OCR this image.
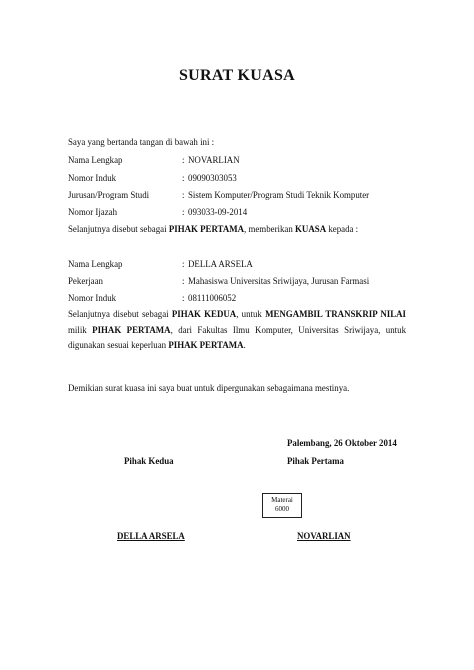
SURAT KUASA
Saya yang bertanda tangan di bawah ini :
Nama Lengkap	: NOVARLIAN
Nomor Induk	: 09090303053
Jurusan/Program Studi	: Sistem Komputer/Program Studi Teknik Komputer
Nomor Ijazah	: 093033-09-2014
Selanjutnya disebut sebagai PIHAK PERTAMA, memberikan KUASA kepada :
Nama Lengkap	: DELLA ARSELA
Pekerjaan	: Mahasiswa Universitas Sriwijaya, Jurusan Farmasi
Nomor Induk	: 08111006052
Selanjutnya disebut sebagai PIHAK KEDUA, untuk MENGAMBIL TRANSKRIP NILAI milik PIHAK PERTAMA, dari Fakultas Ilmu Komputer, Universitas Sriwijaya, untuk digunakan sesuai keperluan PIHAK PERTAMA.
Demikian surat kuasa ini saya buat untuk dipergunakan sebagaimana mestinya.
Palembang, 26 Oktober 2014
Pihak Kedua	Pihak Pertama
Materai
6000
DELLA ARSELA	NOVARLIAN
